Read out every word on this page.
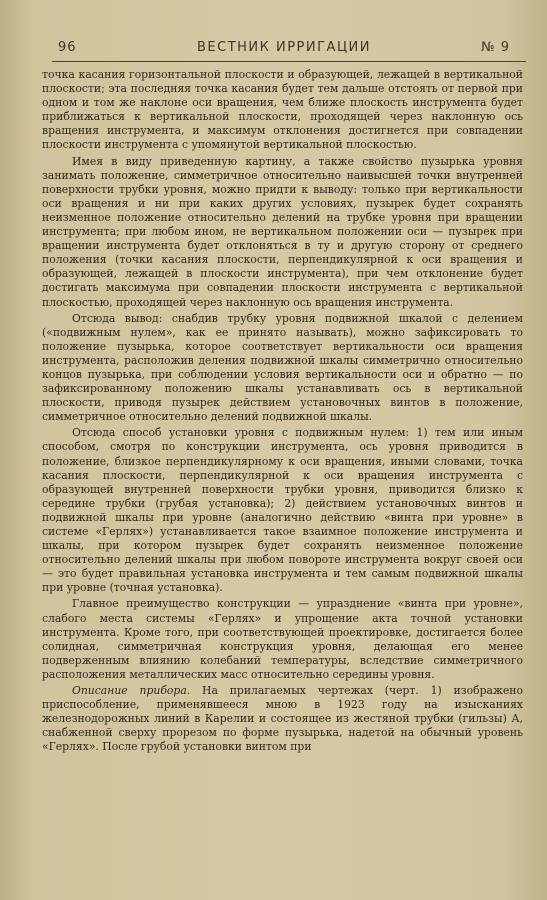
96	ВЕСТНИК ИРРИГАЦИИ	№ 9

точка касания горизонтальной плоскости и образующей, лежащей в вертикальной плоскости; эта последняя точка касания будет тем дальше отстоять от первой при одном и том же наклоне оси вращения, чем ближе плоскость инструмента будет приближаться к вертикальной плоскости, проходящей через наклонную ось вращения инструмента, и максимум отклонения достигнется при совпадении плоскости инструмента с упомянутой вертикальной плоскостью.

Имея в виду приведенную картину, а также свойство пузырька уровня занимать положение, симметричное относительно наивысшей точки внутренней поверхности трубки уровня, можно придти к выводу: только при вертикальности оси вращения и ни при каких других условиях, пузырек будет сохранять неизменное положение относительно делений на трубке уровня при вращении инструмента; при любом ином, не вертикальном положении оси — пузырек при вращении инструмента будет отклоняться в ту и другую сторону от среднего положения (точки касания плоскости, перпендикулярной к оси вращения и образующей, лежащей в плоскости инструмента), при чем отклонение будет достигать максимума при совпадении плоскости инструмента с вертикальной плоскостью, проходящей через наклонную ось вращения инструмента.

Отсюда вывод: снабдив трубку уровня подвижной шкалой с делением («подвижным нулем», как ее принято называть), можно зафиксировать то положение пузырька, которое соответствует вертикальности оси вращения инструмента, расположив деления подвижной шкалы симметрично относительно концов пузырька, при соблюдении условия вертикальности оси и обратно — по зафиксированному положению шкалы устанавливать ось в вертикальной плоскости, приводя пузырек действием установочных винтов в положение, симметричное относительно делений подвижной шкалы.

Отсюда способ установки уровня с подвижным нулем: 1) тем или иным способом, смотря по конструкции инструмента, ось уровня приводится в положение, близкое перпендикулярному к оси вращения, иными словами, точка касания плоскости, перпендикулярной к оси вращения инструмента с образующей внутренней поверхности трубки уровня, приводится близко к середине трубки (грубая установка); 2) действием установочных винтов и подвижной шкалы при уровне (аналогично действию «винта при уровне» в системе «Герлях») устанавливается такое взаимное положение инструмента и шкалы, при котором пузырек будет сохранять неизменное положение относительно делений шкалы при любом повороте инструмента вокруг своей оси — это будет правильная установка инструмента и тем самым подвижной шкалы при уровне (точная установка).

Главное преимущество конструкции — упразднение «винта при уровне», слабого места системы «Герлях» и упрощение акта точной установки инструмента. Кроме того, при соответствующей проектировке, достигается более солидная, симметричная конструкция уровня, делающая его менее подверженным влиянию колебаний температуры, вследствие симметричного расположения металлических масс относительно середины уровня.

Описание прибора. На прилагаемых чертежах (черт. 1) изображено приспособление, применявшееся мною в 1923 году на изысканиях железнодорожных линий в Карелии и состоящее из жестяной трубки (гильзы) А, снабженной сверху прорезом по форме пузырька, надетой на обычный уровень «Герлях». После грубой установки винтом при
